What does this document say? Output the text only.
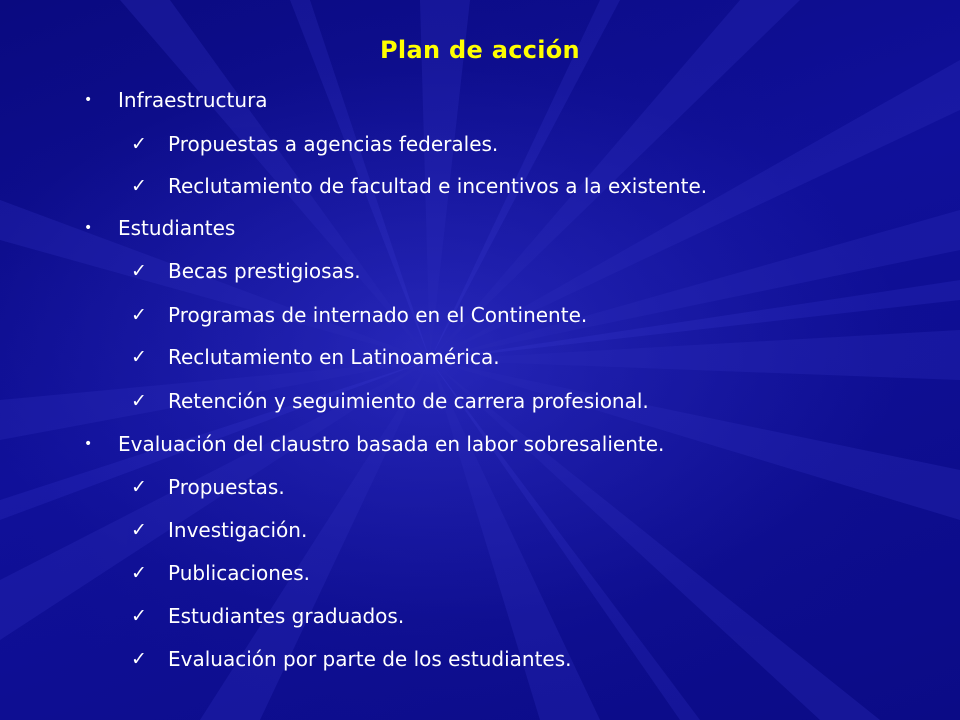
Plan de acción
• Infraestructura
✓ Propuestas a agencias federales.
✓ Reclutamiento de facultad e incentivos a la existente.
• Estudiantes
✓ Becas prestigiosas.
✓ Programas de internado en el Continente.
✓ Reclutamiento en Latinoamérica.
✓ Retención y seguimiento de carrera profesional.
• Evaluación del claustro basada en labor sobresaliente.
✓ Propuestas.
✓ Investigación.
✓ Publicaciones.
✓ Estudiantes graduados.
✓ Evaluación por parte de los estudiantes.
